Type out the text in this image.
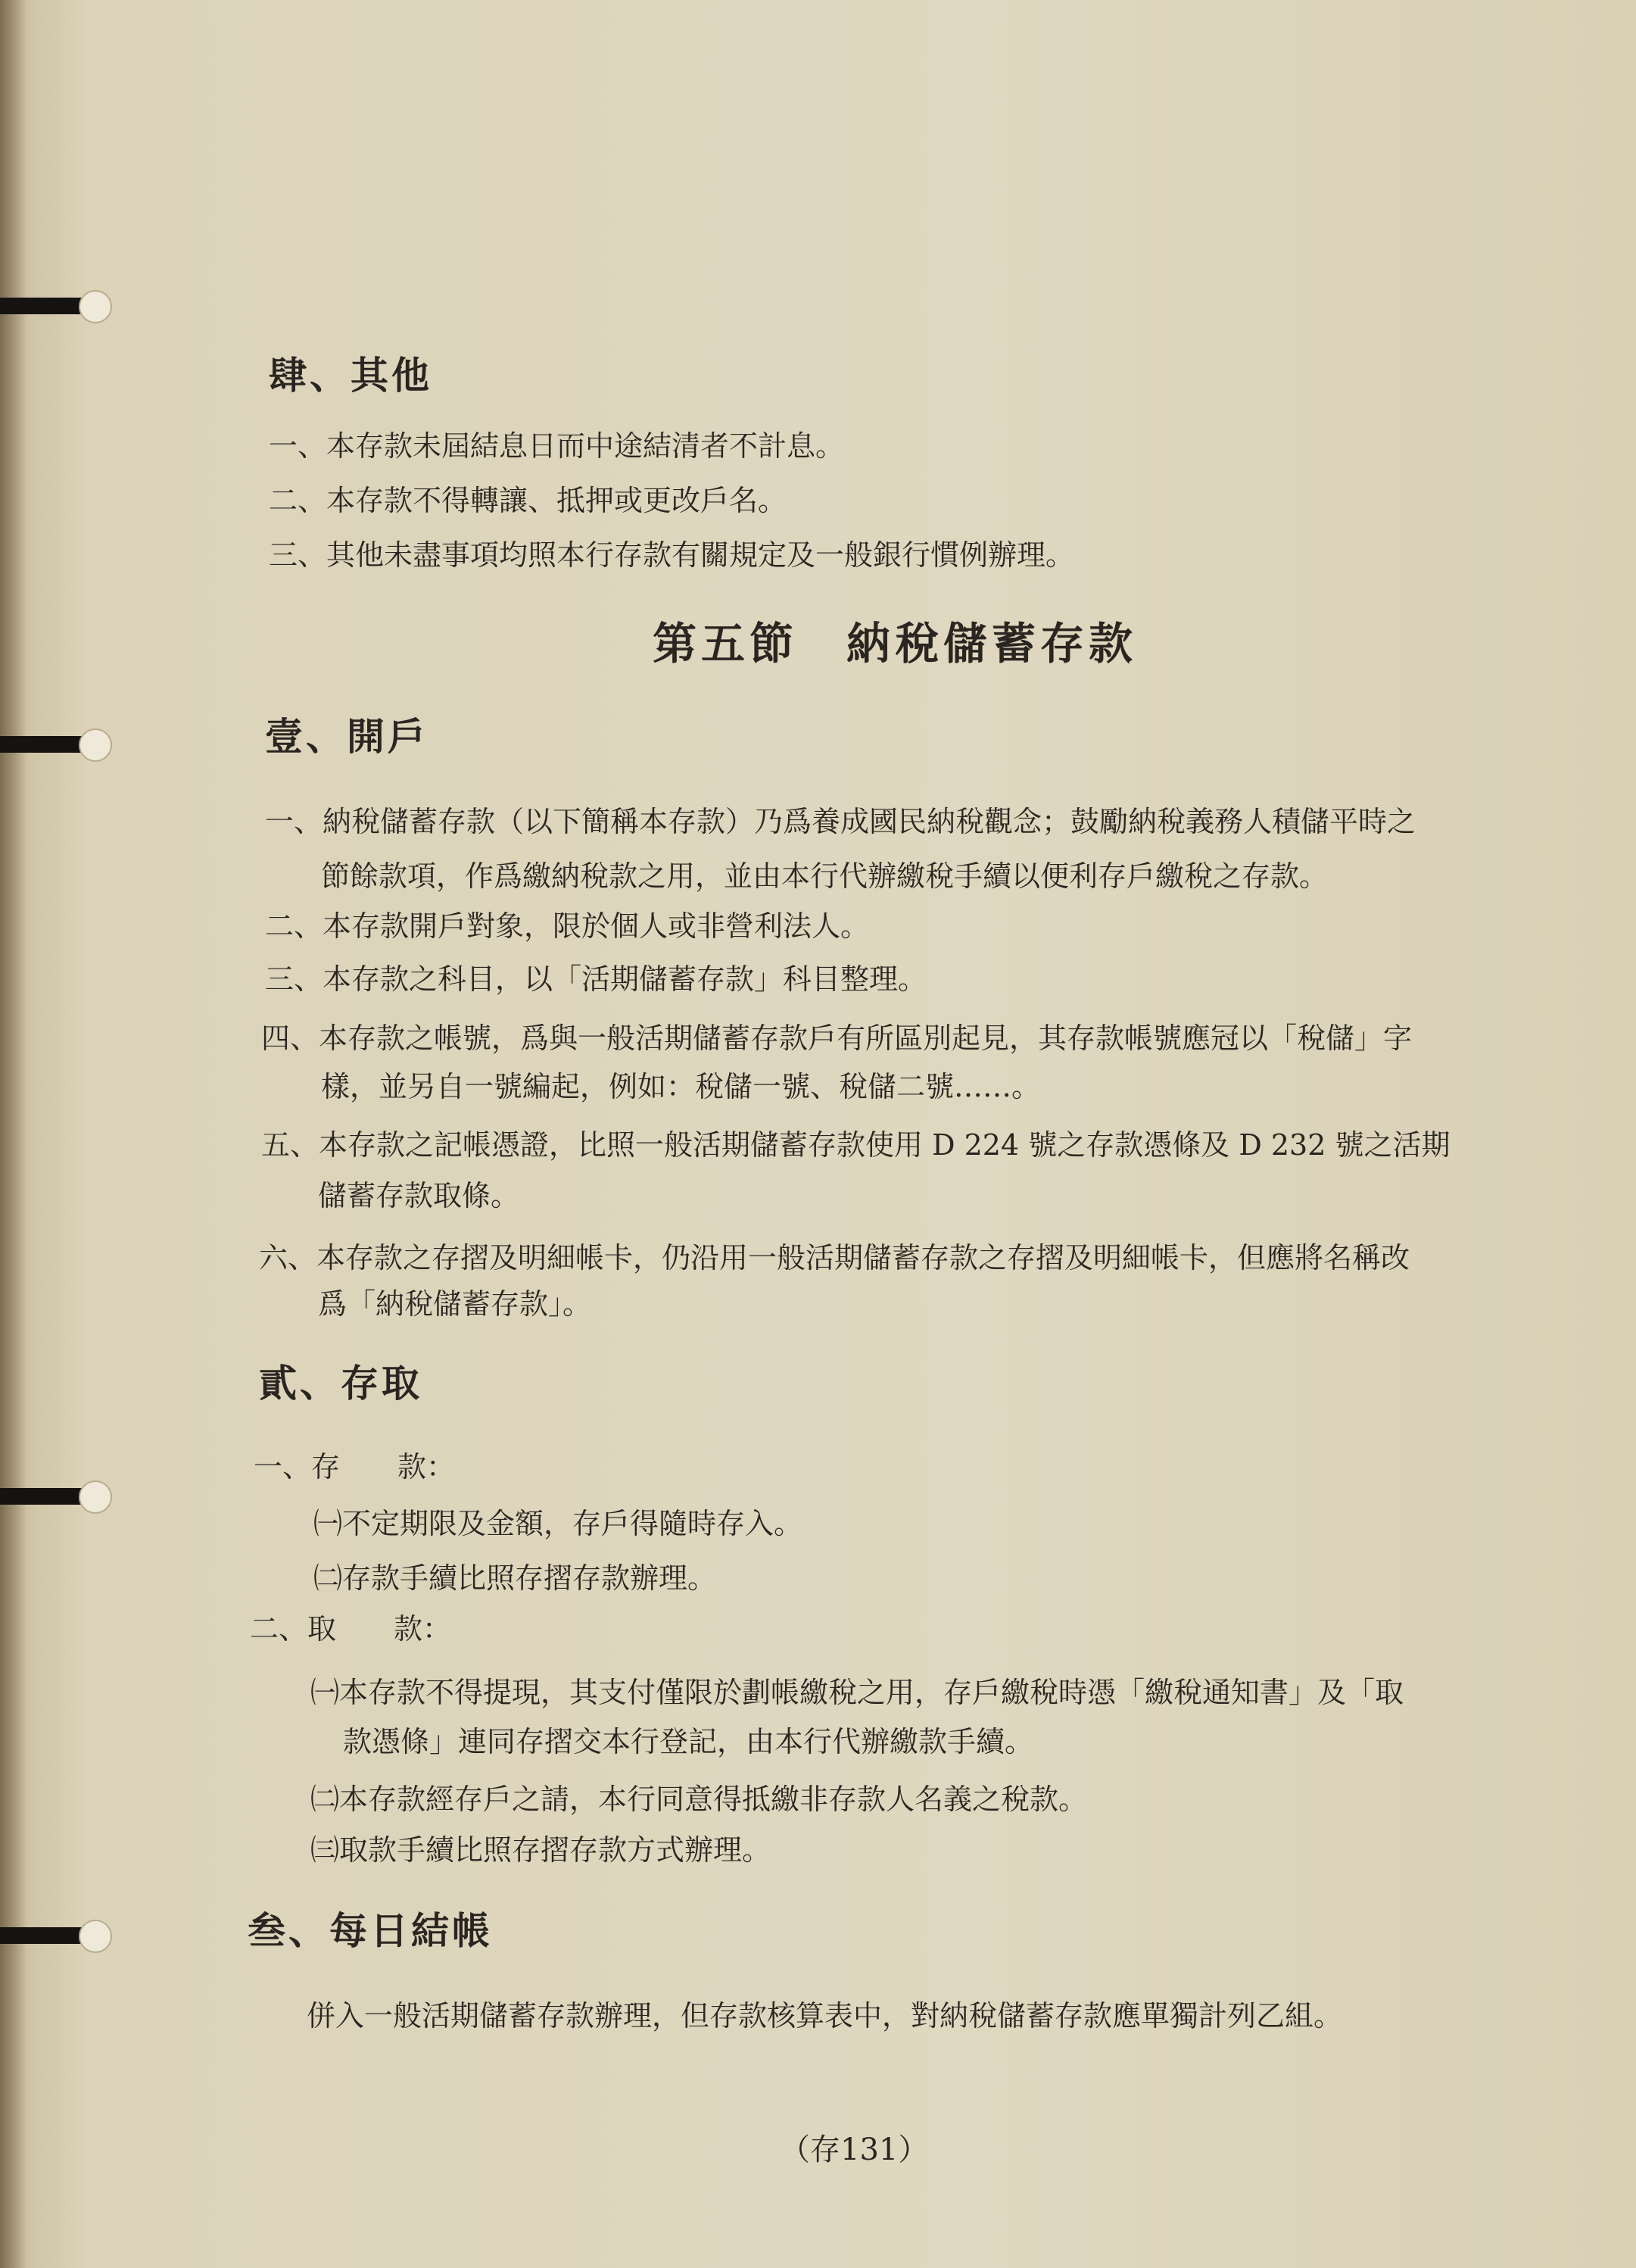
肆、其他
一、本存款未屆結息日而中途結清者不計息。
二、本存款不得轉讓、抵押或更改戶名。
三、其他未盡事項均照本行存款有關規定及一般銀行慣例辦理。
第五節　納稅儲蓄存款
壹、開戶
一、納稅儲蓄存款（以下簡稱本存款）乃爲養成國民納稅觀念；鼓勵納稅義務人積儲平時之
節餘款項，作爲繳納稅款之用，並由本行代辦繳稅手續以便利存戶繳稅之存款。
二、本存款開戶對象，限於個人或非營利法人。
三、本存款之科目，以「活期儲蓄存款」科目整理。
四、本存款之帳號，爲與一般活期儲蓄存款戶有所區別起見，其存款帳號應冠以「稅儲」字
樣，並另自一號編起，例如：稅儲一號、稅儲二號……。
五、本存款之記帳憑證，比照一般活期儲蓄存款使用 D 224 號之存款憑條及 D 232 號之活期
儲蓄存款取條。
六、本存款之存摺及明細帳卡，仍沿用一般活期儲蓄存款之存摺及明細帳卡，但應將名稱改
爲「納稅儲蓄存款」。
貳、存取
一、存　　款：
㈠不定期限及金額，存戶得隨時存入。
㈡存款手續比照存摺存款辦理。
二、取　　款：
㈠本存款不得提現，其支付僅限於劃帳繳稅之用，存戶繳稅時憑「繳稅通知書」及「取
款憑條」連同存摺交本行登記，由本行代辦繳款手續。
㈡本存款經存戶之請，本行同意得抵繳非存款人名義之稅款。
㈢取款手續比照存摺存款方式辦理。
叁、每日結帳
併入一般活期儲蓄存款辦理，但存款核算表中，對納稅儲蓄存款應單獨計列乙組。
（存131）
